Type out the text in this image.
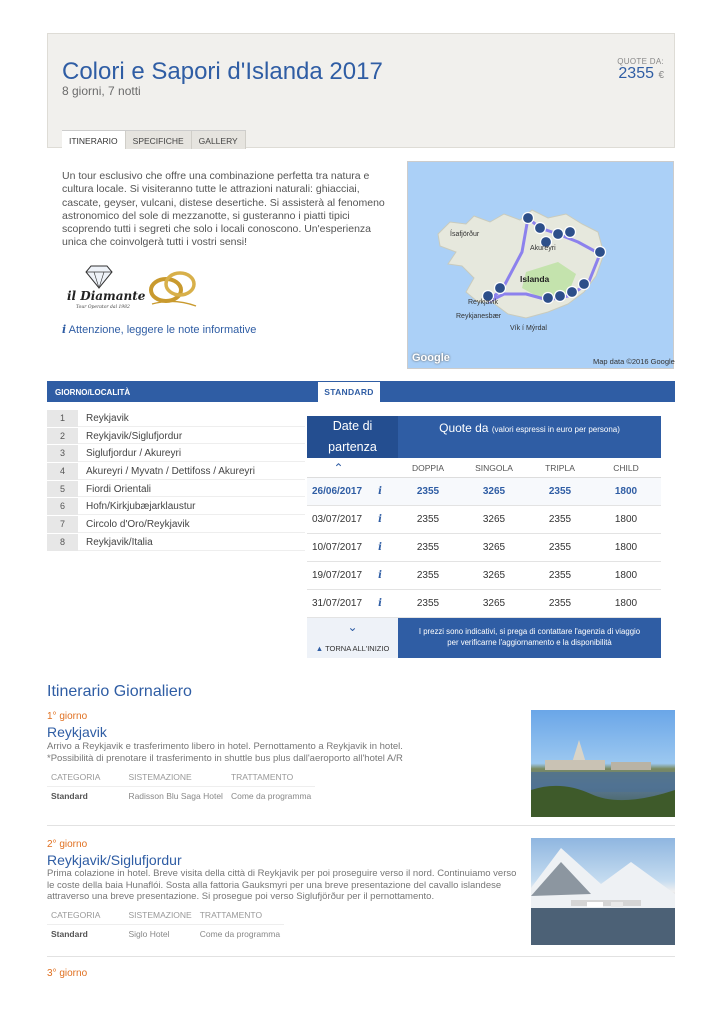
Colori e Sapori d'Islanda 2017
8 giorni, 7 notti
QUOTE DA:
2355 €
ITINERARIO	SPECIFICHE	GALLERY
Un tour esclusivo che offre una combinazione perfetta tra natura e cultura locale. Si visiteranno tutte le attrazioni naturali: ghiacciai, cascate, geyser, vulcani, distese desertiche. Si assisterà al fenomeno astronomico del sole di mezzanotte, si gusteranno i piatti tipici scoprendo tutti i segreti che solo i locali conoscono. Un'esperienza unica che coinvolgerà tutti i vostri sensi!
il Diamante
Tour Operator dal 1982
i Attenzione, leggere le note informative
Ísafjörður
Akureyri
Islanda
Reykjavik
Reykjanesbær
Vík í Mýrdal
Google	Map data ©2016 Google
GIORNO/LOCALITÀ	STANDARD
1	Reykjavik
2	Reykjavik/Siglufjordur
3	Siglufjordur / Akureyri
4	Akureyri / Myvatn / Dettifoss / Akureyri
5	Fiordi Orientali
6	Hofn/Kirkjubæjarklaustur
7	Circolo d'Oro/Reykjavik
8	Reykjavik/Italia
Date di partenza
Quote da (valori espressi in euro per persona)
⌃	DOPPIA	SINGOLA	TRIPLA	CHILD
26/06/2017	i	2355	3265	2355	1800
03/07/2017	i	2355	3265	2355	1800
10/07/2017	i	2355	3265	2355	1800
19/07/2017	i	2355	3265	2355	1800
31/07/2017	i	2355	3265	2355	1800
⌄
▲ TORNA ALL'INIZIO
I prezzi sono indicativi, si prega di contattare l'agenzia di viaggio per verificarne l'aggiornamento e la disponibilità
Itinerario Giornaliero
1° giorno
Reykjavik
Arrivo a Reykjavik e trasferimento libero in hotel. Pernottamento a Reykjavik in hotel. *Possibilità di prenotare il trasferimento in shuttle bus plus dall'aeroporto all'hotel A/R
CATEGORIA	SISTEMAZIONE	TRATTAMENTO
Standard	Radisson Blu Saga Hotel	Come da programma
2° giorno
Reykjavik/Siglufjordur
Prima colazione in hotel. Breve visita della città di Reykjavik per poi proseguire verso il nord. Continuiamo verso le coste della baia Hunaflói. Sosta alla fattoria Gauksmyri per una breve presentazione del cavallo islandese attraverso una breve presentazione. Si prosegue poi verso Siglufjörður per il pernottamento.
CATEGORIA	SISTEMAZIONE	TRATTAMENTO
Standard	Siglo Hotel	Come da programma
3° giorno
